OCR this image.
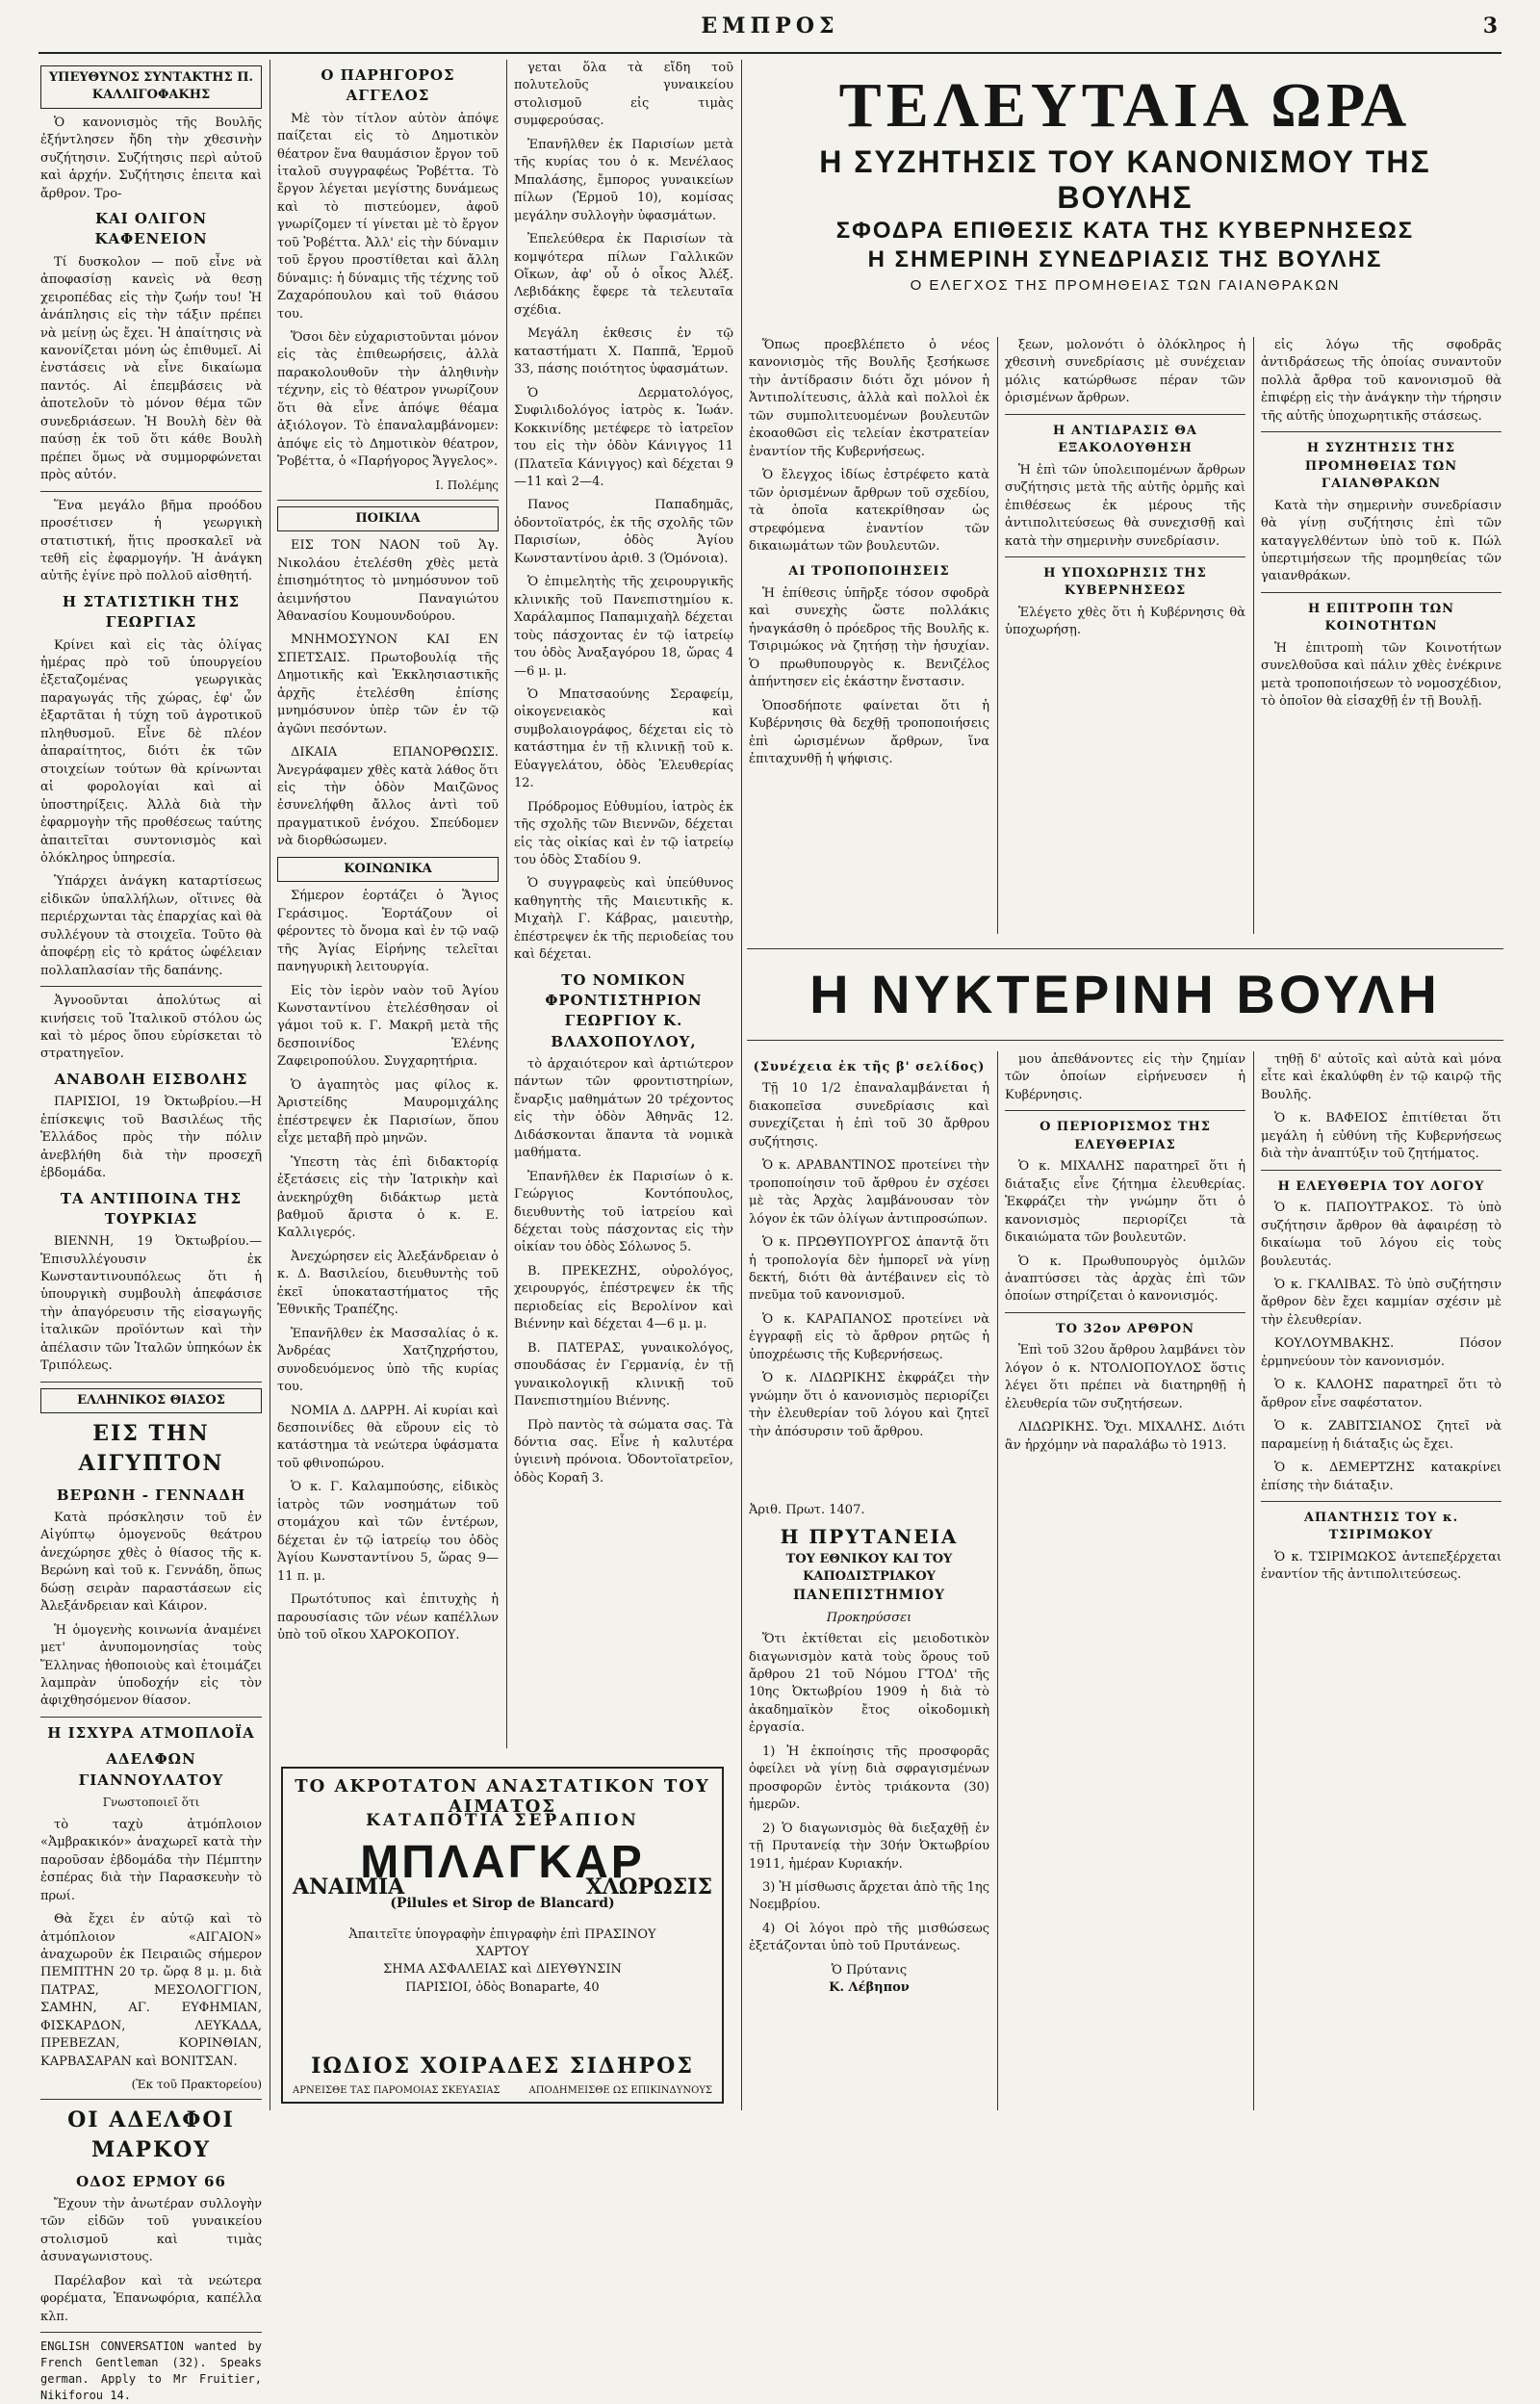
ΕΜΠΡΟΣ	3
ΥΠΕΥΘΥΝΟΣ ΣΥΝΤΑΚΤΗΣ Π. ΚΑΛΛΙΓΟΦΑΚΗΣ

Ὁ κανονισμὸς τῆς Βουλῆς ἐξήντλησεν ἤδη τὴν χθεσινὴν συζήτησιν. Συζήτησις περὶ αὐτοῦ καὶ ἀρχήν. Συζήτησις ἐπειτα καὶ ἄρθρον. Τρο-

ΚΑΙ ΟΛΙΓΟΝ ΚΑΦΕΝΕΙΟΝ

Τί δυσκολον — ποῦ εἶνε νὰ ἀποφασίσῃ κανεὶς νὰ θεσῃ χειροπέδας εἰς τὴν ζωήν του! Ἡ ἀνάπλησις εἰς τὴν τάξιν πρέπει νὰ μείνῃ ὡς ἔχει. Ἡ ἀπαίτησις νὰ κανονίζεται μόνη ὡς ἐπιθυμεῖ. Αἱ ἐνστάσεις νὰ εἶνε δικαίωμα παντός. Αἱ ἐπεμβάσεις νὰ ἀποτελοῦν τὸ μόνον θέμα τῶν συνεδριάσεων. Ἡ Βουλὴ δὲν θὰ παύσῃ ἐκ τοῦ ὅτι κάθε Βουλὴ πρέπει ὅμως νὰ συμμορφώνεται πρὸς αὐτόν.

Ἕνα μεγάλο βῆμα προόδου προσέτισεν ἡ γεωργικὴ στατιστική, ἥτις προσκαλεῖ νὰ τεθῆ εἰς ἐφαρμογήν. Ἡ ἀνάγκη αὐτῆς ἐγίνε πρὸ πολλοῦ αἰσθητή.

Η ΣΤΑΤΙΣΤΙΚΗ ΤΗΣ ΓΕΩΡΓΙΑΣ

Κρίνει καὶ εἰς τὰς ὀλίγας ἡμέρας πρὸ τοῦ ὑπουργείου ἐξεταζομένας γεωργικὰς παραγωγάς τῆς χώρας, ἐφ' ὧν ἐξαρτᾶται ἡ τύχη τοῦ ἀγροτικοῦ πληθυσμοῦ. Εἶνε δὲ πλέον ἀπαραίτητος, διότι ἐκ τῶν στοιχείων τούτων θὰ κρίνωνται αἱ φορολογίαι καὶ αἱ ὑποστηρίξεις. Ἀλλὰ διὰ τὴν ἐφαρμογὴν τῆς προθέσεως ταύτης ἀπαιτεῖται συντονισμὸς καὶ ὁλόκληρος ὑπηρεσία.

Ὑπάρχει ἀνάγκη καταρτίσεως εἰδικῶν ὑπαλλήλων, οἵτινες θὰ περιέρχωνται τὰς ἐπαρχίας καὶ θὰ συλλέγουν τὰ στοιχεῖα. Τοῦτο θὰ ἀποφέρῃ εἰς τὸ κράτος ὠφέλειαν πολλαπλασίαν τῆς δαπάνης.

Ἀγνοοῦνται ἀπολύτως αἱ κινήσεις τοῦ Ἰταλικοῦ στόλου ὡς καὶ τὸ μέρος ὅπου εὑρίσκεται τὸ στρατηγεῖον.

ΑΝΑΒΟΛΗ ΕΙΣΒΟΛΗΣ

ΠΑΡΙΣΙΟΙ, 19 Ὀκτωβρίου.—Η ἐπίσκεψις τοῦ Βασιλέως τῆς Ἑλλάδος πρὸς τὴν πόλιν ἀνεβλήθη διὰ τὴν προσεχῆ ἑβδομάδα.

ΤΑ ΑΝΤΙΠΟΙΝΑ ΤΗΣ ΤΟΥΡΚΙΑΣ

ΒΙΕΝΝΗ, 19 Ὀκτωβρίου.—Ἐπισυλλέγουσιν ἐκ Κωνσταντινουπόλεως ὅτι ἡ ὑπουργικὴ συμβουλὴ ἀπεφάσισε τὴν ἀπαγόρευσιν τῆς εἰσαγωγῆς ἰταλικῶν προϊόντων καὶ τὴν ἀπέλασιν τῶν Ἰταλῶν ὑπηκόων ἐκ Τριπόλεως.

ΕΛΛΗΝΙΚΟΣ ΘΙΑΣΟΣ
ΕΙΣ ΤΗΝ ΑΙΓΥΠΤΟΝ
ΒΕΡΩΝΗ - ΓΕΝΝΑΔΗ

Κατὰ πρόσκλησιν τοῦ ἐν Αἰγύπτῳ ὁμογενοῦς θεάτρου ἀνεχώρησε χθὲς ὁ θίασος τῆς κ. Βερώνη καὶ τοῦ κ. Γεννάδη, ὅπως δώσῃ σειρὰν παραστάσεων εἰς Ἀλεξάνδρειαν καὶ Κάιρον.

Ἡ ὁμογενὴς κοινωνία ἀναμένει μετ' ἀνυπομονησίας τοὺς Ἕλληνας ἠθοποιοὺς καὶ ἐτοιμάζει λαμπρὰν ὑποδοχήν εἰς τὸν ἀφιχθησόμενον θίασον.

Η ΙΣΧΥΡΑ ΑΤΜΟΠΛΟΪΑ
ΑΔΕΛΦΩΝ ΓΙΑΝΝΟΥΛΑΤΟΥ
Γνωστοποιεῖ ὅτι

τὸ ταχὺ ἀτμόπλοιον «Ἀμβρακικόν» ἀναχωρεῖ κατὰ τὴν παροῦσαν ἑβδομάδα τὴν Πέμπτην ἐσπέρας διὰ τὴν Παρασκευὴν τὸ πρωί.

Θὰ ἔχει ἐν αὐτῷ καὶ τὸ ἀτμόπλοιον «ΑΙΓΑΙΟΝ» ἀναχωροῦν ἐκ Πειραιῶς σήμερον ΠΕΜΠΤΗΝ 20 τρ. ὥρᾳ 8 μ. μ. διὰ ΠΑΤΡΑΣ, ΜΕΣΟΛΟΓΓΙΟΝ, ΣΑΜΗΝ, ΑΓ. ΕΥΦΗΜΙΑΝ, ΦΙΣΚΑΡΔΟΝ, ΛΕΥΚΑΔΑ, ΠΡΕΒΕΖΑΝ, ΚΟΡΙΝΘΙΑΝ, ΚΑΡΒΑΣΑΡΑΝ καὶ ΒΟΝΙΤΣΑΝ.

(Ἐκ τοῦ Πρακτορείου)
ΟΙ ΑΔΕΛΦΟΙ ΜΑΡΚΟΥ
ΟΔΟΣ ΕΡΜΟΥ 66

Ἔχουν τὴν ἀνωτέραν συλλογὴν τῶν εἰδῶν τοῦ γυναικείου στολισμοῦ καὶ τιμὰς ἀσυναγωνιστους.

Παρέλαβον καὶ τὰ νεώτερα φορέματα, Ἐπανωφόρια, καπέλλα κλπ.

ENGLISH CONVERSATION wanted by French Gentleman (32). Speaks german. Apply to Mr Fruitier, Nikiforou 14.

Ο ΠΑΡΗΓΟΡΟΣ ΑΓΓΕΛΟΣ

Μὲ τὸν τίτλον αὐτὸν ἀπόψε παίζεται εἰς τὸ Δημοτικὸν θέατρον ἕνα θαυμάσιον ἔργον τοῦ ἰταλοῦ συγγραφέως Ῥοβέττα. Τὸ ἔργον λέγεται μεγίστης δυνάμεως καὶ τὸ πιστεύομεν, ἀφοῦ γνωρίζομεν τί γίνεται μὲ τὸ ἔργον τοῦ Ῥοβέττα. Ἀλλ' εἰς τὴν δύναμιν τοῦ ἔργου προστίθεται καὶ ἄλλη δύναμις: ἡ δύναμις τῆς τέχνης τοῦ Ζαχαρόπουλου καὶ τοῦ θιάσου του.

Ὅσοι δὲν εὐχαριστοῦνται μόνον εἰς τὰς ἐπιθεωρήσεις, ἀλλὰ παρακολουθοῦν τὴν ἀληθινὴν τέχνην, εἰς τὸ θέατρον γνωρίζουν ὅτι θὰ εἶνε ἀπόψε θέαμα ἀξιόλογον. Τὸ ἐπαναλαμβάνομεν: ἀπόψε εἰς τὸ Δημοτικὸν θέατρον, Ῥοβέττα, ὁ «Παρήγορος Ἄγγελος».

Ι. Πολέμης
ΠΟΙΚΙΛΑ

ΕΙΣ ΤΟΝ ΝΑΟΝ τοῦ Ἁγ. Νικολάου ἐτελέσθη χθὲς μετὰ ἐπισημότητος τὸ μνημόσυνον τοῦ ἀειμνήστου Παναγιώτου Ἀθανασίου Κουμουνδούρου.

ΜΝΗΜΟΣΥΝΟΝ ΚΑΙ ΕΝ ΣΠΕΤΣΑΙΣ. Πρωτοβουλίᾳ τῆς Δημοτικῆς καὶ Ἐκκλησιαστικῆς ἀρχῆς ἐτελέσθη ἐπίσης μνημόσυνον ὑπὲρ τῶν ἐν τῷ ἀγῶνι πεσόντων.

ΔΙΚΑΙΑ ΕΠΑΝΟΡΘΩΣΙΣ. Ἀνεγράφαμεν χθὲς κατὰ λάθος ὅτι εἰς τὴν ὁδὸν Μαιζῶνος ἐσυνελήφθη ἄλλος ἀντὶ τοῦ πραγματικοῦ ἐνόχου. Σπεύδομεν νὰ διορθώσωμεν.

ΚΟΙΝΩΝΙΚΑ

Σήμερον ἑορτάζει ὁ Ἅγιος Γεράσιμος. Ἑορτάζουν οἱ φέροντες τὸ ὄνομα καὶ ἐν τῷ ναῷ τῆς Ἁγίας Εἰρήνης τελεῖται πανηγυρικὴ λειτουργία.

Εἰς τὸν ἱερὸν ναὸν τοῦ Ἁγίου Κωνσταντίνου ἐτελέσθησαν οἱ γάμοι τοῦ κ. Γ. Μακρῆ μετὰ τῆς δεσποινίδος Ἑλένης Ζαφειροπούλου. Συγχαρητήρια.

Ὁ ἀγαπητὸς μας φίλος κ. Ἀριστείδης Μαυρομιχάλης ἐπέστρεψεν ἐκ Παρισίων, ὅπου εἶχε μεταβῆ πρὸ μηνῶν.

Ὑπεστη τὰς ἐπὶ διδακτορίᾳ ἐξετάσεις εἰς τὴν Ἰατρικὴν καὶ ἀνεκηρύχθη διδάκτωρ μετὰ βαθμοῦ ἄριστα ὁ κ. Ε. Καλλιγερός.

Ἀνεχώρησεν εἰς Ἀλεξάνδρειαν ὁ κ. Δ. Βασιλείου, διευθυντὴς τοῦ ἐκεῖ ὑποκαταστήματος τῆς Ἐθνικῆς Τραπέζης.

Ἐπανῆλθεν ἐκ Μασσαλίας ὁ κ. Ἀνδρέας Χατζηχρήστου, συνοδευόμενος ὑπὸ τῆς κυρίας του.

ΝΟΜΙΑ Δ. ΔΑΡΡΗ. Αἱ κυρίαι καὶ δεσποινίδες θὰ εὕρουν εἰς τὸ κατάστημα τὰ νεώτερα ὑφάσματα τοῦ φθινοπώρου.

Ὁ κ. Γ. Καλαμπούσης, εἰδικὸς ἰατρὸς τῶν νοσημάτων τοῦ στομάχου καὶ τῶν ἐντέρων, δέχεται ἐν τῷ ἰατρείῳ του ὁδὸς Ἀγίου Κωνσταντίνου 5, ὥρας 9—11 π. μ.

Πρωτότυπος καὶ ἐπιτυχὴς ἡ παρουσίασις τῶν νέων καπέλλων ὑπὸ τοῦ οἴκου ΧΑΡΟΚΟΠΟΥ.

γεται ὅλα τὰ εἴδη τοῦ πολυτελοῦς γυναικείου στολισμοῦ εἰς τιμὰς συμφερούσας.

Ἐπανῆλθεν ἐκ Παρισίων μετὰ τῆς κυρίας του ὁ κ. Μενέλαος Μπαλάσης, ἔμπορος γυναικείων πίλων (Ἑρμοῦ 10), κομίσας μεγάλην συλλογὴν ὑφασμάτων.

Ἐπελεύθερα ἐκ Παρισίων τὰ κομψότερα πίλων Γαλλικῶν Οἴκων, ἀφ' οὗ ὁ οἶκος Ἀλέξ. Λεβιδάκης ἔφερε τὰ τελευταῖα σχέδια.

Μεγάλη ἐκθεσις ἐν τῷ καταστήματι Χ. Παππᾶ, Ἑρμοῦ 33, πάσης ποιότητος ὑφασμάτων.

Ὁ Δερματολόγος, Συφιλιδολόγος ἰατρὸς κ. Ἰωάν. Κοκκινίδης μετέφερε τὸ ἰατρεῖον του εἰς τὴν ὁδὸν Κάνιγγος 11 (Πλατεῖα Κάνιγγος) καὶ δέχεται 9—11 καὶ 2—4.

Πανος Παπαδημᾶς, ὀδοντοϊατρός, ἐκ τῆς σχολῆς τῶν Παρισίων, ὁδὸς Ἀγίου Κωνσταντίνου ἀριθ. 3 (Ὁμόνοια).

Ὁ ἐπιμελητὴς τῆς χειρουργικῆς κλινικῆς τοῦ Πανεπιστημίου κ. Χαράλαμπος Παπαμιχαὴλ δέχεται τοὺς πάσχοντας ἐν τῷ ἰατρείῳ του ὁδὸς Ἀναξαγόρου 18, ὥρας 4—6 μ. μ.

Ὁ Μπατσαούνης Σεραφείμ, οἰκογενειακὸς καὶ συμβολαιογράφος, δέχεται εἰς τὸ κατάστημα ἐν τῇ κλινικῇ τοῦ κ. Εὐαγγελάτου, ὁδὸς Ἐλευθερίας 12.

Πρόδρομος Εὐθυμίου, ἰατρὸς ἐκ τῆς σχολῆς τῶν Βιεννῶν, δέχεται εἰς τὰς οἰκίας καὶ ἐν τῷ ἰατρείῳ του ὁδὸς Σταδίου 9.

Ὁ συγγραφεὺς καὶ ὑπεύθυνος καθηγητὴς τῆς Μαιευτικῆς κ. Μιχαὴλ Γ. Κάβρας, μαιευτὴρ, ἐπέστρεψεν ἐκ τῆς περιοδείας του καὶ δέχεται.

ΤΟ ΝΟΜΙΚΟΝ ΦΡΟΝΤΙΣΤΗΡΙΟΝ ΓΕΩΡΓΙΟΥ Κ. ΒΛΑΧΟΠΟΥΛΟΥ,

τὸ ἀρχαιότερον καὶ ἀρτιώτερον πάντων τῶν φροντιστηρίων, ἔναρξις μαθημάτων 20 τρέχοντος εἰς τὴν ὁδὸν Ἀθηνᾶς 12. Διδάσκονται ἅπαντα τὰ νομικὰ μαθήματα.

Ἐπανῆλθεν ἐκ Παρισίων ὁ κ. Γεώργιος Κοντόπουλος, διευθυντὴς τοῦ ἰατρείου καὶ δέχεται τοὺς πάσχοντας εἰς τὴν οἰκίαν του ὁδὸς Σόλωνος 5.

Β. ΠΡΕΚΕΖΗΣ, οὐρολόγος, χειρουργός, ἐπέστρεψεν ἐκ τῆς περιοδείας εἰς Βερολίνον καὶ Βιέννην καὶ δέχεται 4—6 μ. μ.

Β. ΠΑΤΕΡΑΣ, γυναικολόγος, σπουδάσας ἐν Γερμανίᾳ, ἐν τῇ γυναικολογικῇ κλινικῇ τοῦ Πανεπιστημίου Βιέννης.

Πρὸ παντὸς τὰ σώματα σας. Τὰ δόντια σας. Εἶνε ἡ καλυτέρα ὑγιεινὴ πρόνοια. Ὁδοντοϊατρεῖον, ὁδὸς Κοραῆ 3.

ΤΟ ΑΚΡΟΤΑΤΟΝ ΑΝΑΣΤΑΤΙΚΟΝ ΤΟΥ ΑΙΜΑΤΟΣ
ΚΑΤΑΠΟΤΙΑ ΣΕΡΑΠΙΟΝ
ΜΠΛΑΓΚΑΡ
(Pilules et Sirop de Blancard)
Ἀπαιτεῖτε ὑπογραφὴν ἐπιγραφὴν ἐπὶ ΠΡΑΣΙΝΟΥ ΧΑΡΤΟΥ
ΣΗΜΑ ΑΣΦΑΛΕΙΑΣ καὶ ΔΙΕΥΘΥΝΣΙΝ
ΠΑΡΙΣΙΟΙ, ὁδὸς Bonaparte, 40
ΑΝΑΙΜΙΑ	ΧΛΩΡΩΣΙΣ
ΙΩΔΙΟΣ ΧΟΙΡΑΔΕΣ ΣΙΔΗΡΟΣ
ΑΡΝΕΙΣΘΕ ΤΑΣ ΠΑΡΟΜΟΙΑΣ ΣΚΕΥΑΣΙΑΣ	ΑΠΟΔΗΜΕΙΣΘΕ ΩΣ ΕΠΙΚΙΝΔΥΝΟΥΣ
ΤΕΛΕΥΤΑΙΑ ΩΡΑ
Η ΣΥΖΗΤΗΣΙΣ ΤΟΥ ΚΑΝΟΝΙΣΜΟΥ ΤΗΣ ΒΟΥΛΗΣ
ΣΦΟΔΡΑ ΕΠΙΘΕΣΙΣ ΚΑΤΑ ΤΗΣ ΚΥΒΕΡΝΗΣΕΩΣ
Η ΣΗΜΕΡΙΝΗ ΣΥΝΕΔΡΙΑΣΙΣ ΤΗΣ ΒΟΥΛΗΣ
Ο ΕΛΕΓΧΟΣ ΤΗΣ ΠΡΟΜΗΘΕΙΑΣ ΤΩΝ ΓΑΙΑΝΘΡΑΚΩΝ

Ὅπως προεβλέπετο ὁ νέος κανονισμὸς τῆς Βουλῆς ξεσήκωσε τὴν ἀντίδρασιν διότι ὄχι μόνον ἡ Ἀντιπολίτευσις, ἀλλὰ καὶ πολλοὶ ἐκ τῶν συμπολιτευομένων βουλευτῶν ἐκοαοθῶσι εἰς τελείαν ἐκστρατείαν ἐναντίον τῆς Κυβερνήσεως.

Ὁ ἔλεγχος ἰδίως ἐστρέφετο κατὰ τῶν ὁρισμένων ἄρθρων τοῦ σχεδίου, τὰ ὁποῖα κατεκρίθησαν ὡς στρεφόμενα ἐναντίον τῶν δικαιωμάτων τῶν βουλευτῶν.

ΑΙ ΤΡΟΠΟΠΟΙΗΣΕΙΣ

Ἡ ἐπίθεσις ὑπῆρξε τόσον σφοδρὰ καὶ συνεχὴς ὥστε πολλάκις ἠναγκάσθη ὁ πρόεδρος τῆς Βουλῆς κ. Τσιριμώκος νὰ ζητήσῃ τὴν ἡσυχίαν. Ὁ πρωθυπουργὸς κ. Βενιζέλος ἀπήντησεν εἰς ἑκάστην ἔνστασιν.

Ὁποσδήποτε φαίνεται ὅτι ἡ Κυβέρνησις θὰ δεχθῇ τροποποιήσεις ἐπὶ ὡρισμένων ἄρθρων, ἵνα ἐπιταχυνθῇ ἡ ψήφισις.

ξεων, μολονότι ὁ ὁλόκληρος ἡ χθεσινὴ συνεδρίασις μὲ συνέχειαν μόλις κατώρθωσε πέραν τῶν ὁρισμένων ἄρθρων.

Η ΑΝΤΙΔΡΑΣΙΣ ΘΑ ΕΞΑΚΟΛΟΥΘΗΣΗ

Ἡ ἐπὶ τῶν ὑπολειπομένων ἄρθρων συζήτησις μετὰ τῆς αὐτῆς ὁρμῆς καὶ ἐπιθέσεως ἐκ μέρους τῆς ἀντιπολιτεύσεως θὰ συνεχισθῇ καὶ κατὰ τὴν σημερινὴν συνεδρίασιν.

Η ΥΠΟΧΩΡΗΣΙΣ ΤΗΣ ΚΥΒΕΡΝΗΣΕΩΣ

Ἐλέγετο χθὲς ὅτι ἡ Κυβέρνησις θὰ ὑποχωρήσῃ.

εἰς λόγω τῆς σφοδρᾶς ἀντιδράσεως τῆς ὁποίας συναντοῦν πολλὰ ἄρθρα τοῦ κανονισμοῦ θὰ ἐπιφέρῃ εἰς τὴν ἀνάγκην τὴν τήρησιν τῆς αὐτῆς ὑποχωρητικῆς στάσεως.

Η ΣΥΖΗΤΗΣΙΣ ΤΗΣ ΠΡΟΜΗΘΕΙΑΣ ΤΩΝ ΓΑΙΑΝΘΡΑΚΩΝ

Κατὰ τὴν σημερινὴν συνεδρίασιν θὰ γίνῃ συζήτησις ἐπὶ τῶν καταγγελθέντων ὑπὸ τοῦ κ. Πώλ ὑπερτιμήσεων τῆς προμηθείας τῶν γαιανθράκων.

Η ΕΠΙΤΡΟΠΗ ΤΩΝ ΚΟΙΝΟΤΗΤΩΝ

Ἡ ἐπιτροπὴ τῶν Κοινοτήτων συνελθοῦσα καὶ πάλιν χθὲς ἐνέκρινε μετὰ τροποποιήσεων τὸ νομοσχέδιον, τὸ ὁποῖον θὰ εἰσαχθῇ ἐν τῇ Βουλῇ.

Η ΝΥΚΤΕΡΙΝΗ ΒΟΥΛΗ
(Συνέχεια ἐκ τῆς β' σελίδος)

Τῇ 10 1/2 ἐπαναλαμβάνεται ἡ διακοπεῖσα συνεδρίασις καὶ συνεχίζεται ἡ ἐπὶ τοῦ 30 ἄρθρου συζήτησις.

Ὁ κ. ΑΡΑΒΑΝΤΙΝΟΣ προτείνει τὴν τροποποίησιν τοῦ ἄρθρου ἐν σχέσει μὲ τὰς Ἀρχὰς λαμβάνουσαν τὸν λόγον ἐκ τῶν ὀλίγων ἀντιπροσώπων.

Ὁ κ. ΠΡΩΘΥΠΟΥΡΓΟΣ ἀπαντᾷ ὅτι ἡ τροπολογία δὲν ἠμπορεῖ νὰ γίνῃ δεκτή, διότι θὰ ἀντέβαινεν εἰς τὸ πνεῦμα τοῦ κανονισμοῦ.

Ὁ κ. ΚΑΡΑΠΑΝΟΣ προτείνει νὰ ἐγγραφῇ εἰς τὸ ἄρθρον ρητῶς ἡ ὑποχρέωσις τῆς Κυβερνήσεως.

Ὁ κ. ΛΙΔΩΡΙΚΗΣ ἐκφράζει τὴν γνώμην ὅτι ὁ κανονισμὸς περιορίζει τὴν ἐλευθερίαν τοῦ λόγου καὶ ζητεῖ τὴν ἀπόσυρσιν τοῦ ἄρθρου.

Ἀριθ. Πρωτ. 1407.
Η ΠΡΥΤΑΝΕΙΑ
ΤΟΥ ΕΘΝΙΚΟΥ ΚΑΙ ΤΟΥ ΚΑΠΟΔΙΣΤΡΙΑΚΟΥ
ΠΑΝΕΠΙΣΤΗΜΙΟΥ
Προκηρύσσει

Ὅτι ἐκτίθεται εἰς μειοδοτικὸν διαγωνισμὸν κατὰ τοὺς ὅρους τοῦ ἄρθρου 21 τοῦ Νόμου ΓΤΟΔ' τῆς 10ης Ὀκτωβρίου 1909 ἡ διὰ τὸ ἀκαδημαϊκὸν ἔτος οἰκοδομικὴ ἐργασία.

1) Ἡ ἐκποίησις τῆς προσφορᾶς ὀφείλει νὰ γίνῃ διὰ σφραγισμένων προσφορῶν ἐντὸς τριάκοντα (30) ἡμερῶν.

2) Ὁ διαγωνισμὸς θὰ διεξαχθῇ ἐν τῇ Πρυτανείᾳ τὴν 30ήν Ὀκτωβρίου 1911, ἡμέραν Κυριακήν.

3) Ἡ μίσθωσις ἄρχεται ἀπὸ τῆς 1ης Νοεμβρίου.

4) Οἱ λόγοι πρὸ τῆς μισθώσεως ἐξετάζονται ὑπὸ τοῦ Πρυτάνεως.

Ὁ Πρύτανις
Κ. Λέβηπον

μου ἀπεθάνοντες εἰς τὴν ζημίαν τῶν ὁποίων εἰρήνευσεν ἡ Κυβέρνησις.

Ο ΠΕΡΙΟΡΙΣΜΟΣ ΤΗΣ ΕΛΕΥΘΕΡΙΑΣ

Ὁ κ. ΜΙΧΑΛΗΣ παρατηρεῖ ὅτι ἡ διάταξις εἶνε ζήτημα ἐλευθερίας. Ἐκφράζει τὴν γνώμην ὅτι ὁ κανονισμὸς περιορίζει τὰ δικαιώματα τῶν βουλευτῶν.

Ὁ κ. Πρωθυπουργὸς ὁμιλῶν ἀναπτύσσει τὰς ἀρχὰς ἐπὶ τῶν ὁποίων στηρίζεται ὁ κανονισμός.

ΤΟ 32ον ΑΡΘΡΟΝ

Ἐπὶ τοῦ 32ου ἄρθρου λαμβάνει τὸν λόγον ὁ κ. ΝΤΟΛΙΟΠΟΥΛΟΣ ὅστις λέγει ὅτι πρέπει νὰ διατηρηθῇ ἡ ἐλευθερία τῶν συζητήσεων.

ΛΙΔΩΡΙΚΗΣ. Ὄχι. ΜΙΧΑΛΗΣ. Διότι ἂν ἠρχόμην νὰ παραλάβω τὸ 1913.

τηθῇ δ' αὐτοῖς καὶ αὐτὰ καὶ μόνα εἶτε καὶ ἐκαλύφθη ἐν τῷ καιρῷ τῆς Βουλῆς.

Ὁ κ. ΒΑΦΕΙΟΣ ἐπιτίθεται ὅτι μεγάλη ἡ εὐθύνη τῆς Κυβερνήσεως διὰ τὴν ἀναπτύξιν τοῦ ζητήματος.

Η ΕΛΕΥΘΕΡΙΑ ΤΟΥ ΛΟΓΟΥ

Ὁ κ. ΠΑΠΟΥΤΡΑΚΟΣ. Τὸ ὑπὸ συζήτησιν ἄρθρον θὰ ἀφαιρέσῃ τὸ δικαίωμα τοῦ λόγου εἰς τοὺς βουλευτάς.

Ὁ κ. ΓΚΑΛΙΒΑΣ. Τὸ ὑπὸ συζήτησιν ἄρθρον δὲν ἔχει καμμίαν σχέσιν μὲ τὴν ἐλευθερίαν.

ΚΟΥΛΟΥΜΒΑΚΗΣ. Πόσον ἐρμηνεύουν τὸν κανονισμόν.

Ὁ κ. ΚΑΛΟΗΣ παρατηρεῖ ὅτι τὸ ἄρθρον εἶνε σαφέστατον.

Ὁ κ. ΖΑΒΙΤΣΙΑΝΟΣ ζητεῖ νὰ παραμείνῃ ἡ διάταξις ὡς ἔχει.

Ὁ κ. ΔΕΜΕΡΤΖΗΣ κατακρίνει ἐπίσης τὴν διάταξιν.

ΑΠΑΝΤΗΣΙΣ ΤΟΥ κ. ΤΣΙΡΙΜΩΚΟΥ

Ὁ κ. ΤΣΙΡΙΜΩΚΟΣ ἀντεπεξέρχεται ἐναντίον τῆς ἀντιπολιτεύσεως.
